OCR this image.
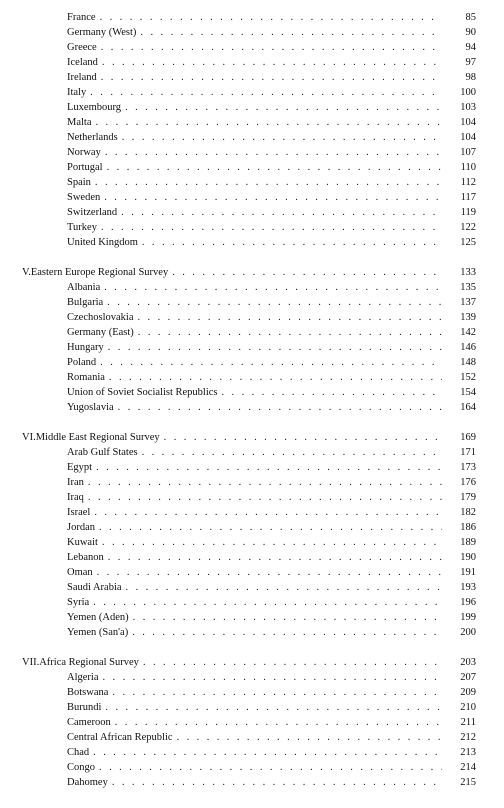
France . . .	85
Germany (West) . . .	90
Greece . . .	94
Iceland . . .	97
Ireland . . .	98
Italy . . .	100
Luxembourg . . .	103
Malta . . .	104
Netherlands . . .	104
Norway . . .	107
Portugal . . .	110
Spain . . .	112
Sweden . . .	117
Switzerland . . .	119
Turkey . . .	122
United Kingdom . . .	125
V. Eastern Europe Regional Survey . . .	133
Albania . . .	135
Bulgaria . . .	137
Czechoslovakia . . .	139
Germany (East) . . .	142
Hungary . . .	146
Poland . . .	148
Romania . . .	152
Union of Soviet Socialist Republics . . .	154
Yugoslavia . . .	164
VI. Middle East Regional Survey . . .	169
Arab Gulf States . . .	171
Egypt . . .	173
Iran . . .	176
Iraq . . .	179
Israel . . .	182
Jordan . . .	186
Kuwait . . .	189
Lebanon . . .	190
Oman . . .	191
Saudi Arabia . . .	193
Syria . . .	196
Yemen (Aden) . . .	199
Yemen (San'a) . . .	200
VII. Africa Regional Survey . . .	203
Algeria . . .	207
Botswana . . .	209
Burundi . . .	210
Cameroon . . .	211
Central African Republic . . .	212
Chad . . .	213
Congo . . .	214
Dahomey . . .	215
